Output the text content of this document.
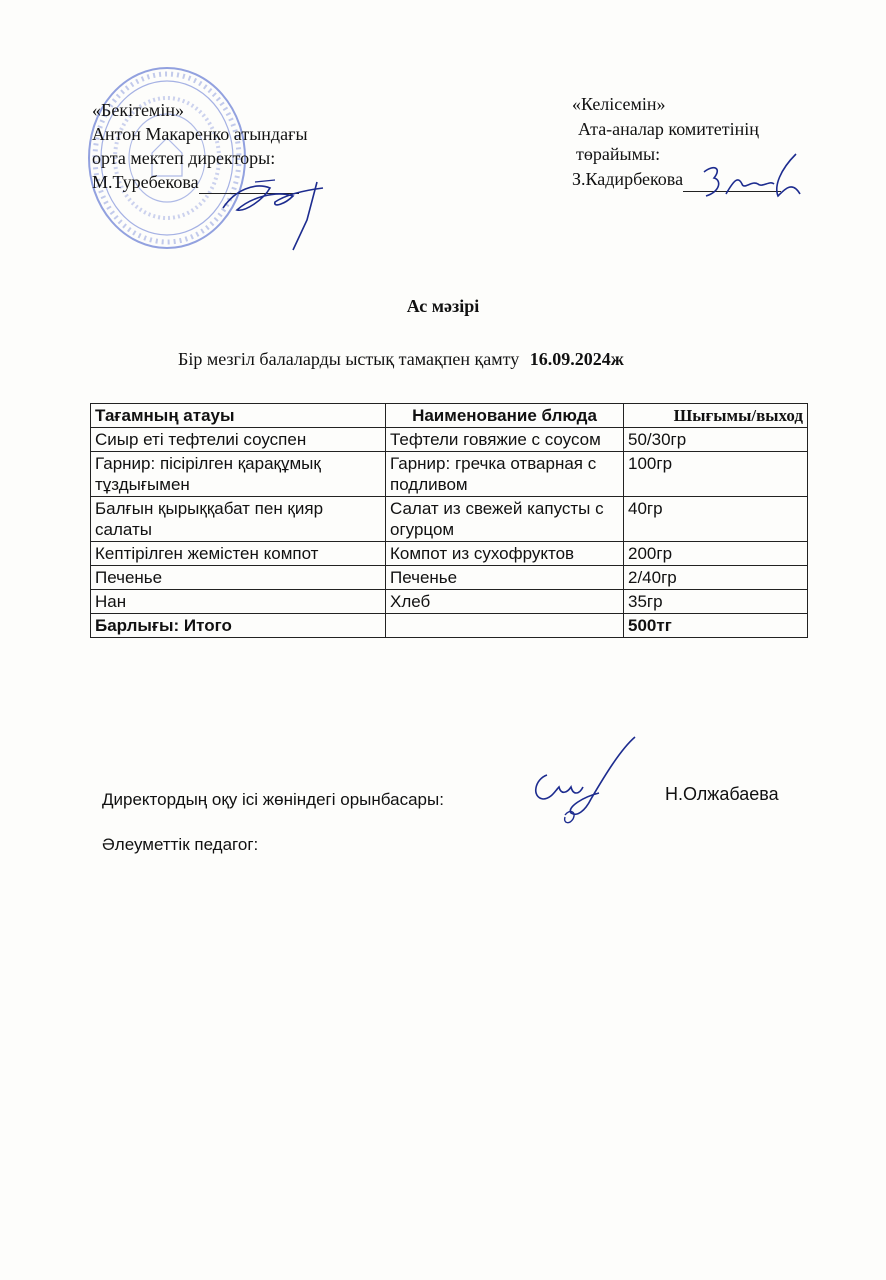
«Бекітемін»
Антон Макаренко атындағы
орта мектеп директоры:
М.Туребекова
«Келісемін»
Ата-аналар комитетінің
төрайымы:
З.Кадирбекова
Ас мәзірі
Бір мезгіл балаларды ыстық тамақпен қамту 16.09.2024ж
Тағамның атауы	Наименование блюда	Шығымы/выход
Сиыр еті тефтелиі соуспен	Тефтели говяжие с соусом	50/30гр
Гарнир: пісірілген қарақұмық тұздығымен	Гарнир: гречка отварная с подливом	100гр
Балғын қырыққабат пен қияр салаты	Салат из свежей капусты с огурцом	40гр
Кептірілген жемістен компот	Компот из сухофруктов	200гр
Печенье	Печенье	2/40гр
Нан	Хлеб	35гр
Барлығы: Итого		500тг
Директордың оқу ісі жөніндегі орынбасары:	Н.Олжабаева
Әлеуметтік педагог:
